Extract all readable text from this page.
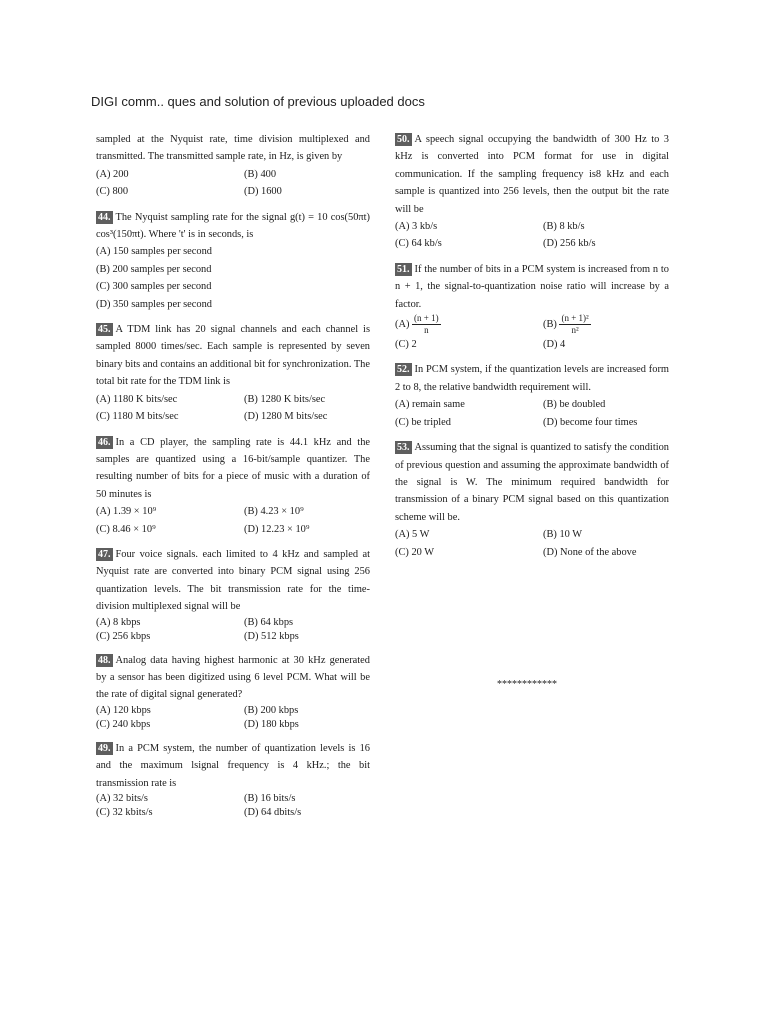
DIGI comm.. ques and solution of previous uploaded docs
sampled at the Nyquist rate, time division multiplexed and transmitted. The transmitted sample rate, in Hz, is given by
(A) 200	(B) 400
(C) 800	(D) 1600
44. The Nyquist sampling rate for the signal g(t) = 10 cos(50πt) cos³(150πt). Where 't' is in seconds, is
(A) 150 samples per second
(B) 200 samples per second
(C) 300 samples per second
(D) 350 samples per second
45. A TDM link has 20 signal channels and each channel is sampled 8000 times/sec. Each sample is represented by seven binary bits and contains an additional bit for synchronization. The total bit rate for the TDM link is
(A) 1180 K bits/sec	(B) 1280 K bits/sec
(C) 1180 M bits/sec	(D) 1280 M bits/sec
46. In a CD player, the sampling rate is 44.1 kHz and the samples are quantized using a 16-bit/sample quantizer. The resulting number of bits for a piece of music with a duration of 50 minutes is
(A) 1.39 × 10⁹	(B) 4.23 × 10⁹
(C) 8.46 × 10⁹	(D) 12.23 × 10⁹
47. Four voice signals. each limited to 4 kHz and sampled at Nyquist rate are converted into binary PCM signal using 256 quantization levels. The bit transmission rate for the time-division multiplexed signal will be
(A) 8 kbps	(B) 64 kbps
(C) 256 kbps	(D) 512 kbps
48. Analog data having highest harmonic at 30 kHz generated by a sensor has been digitized using 6 level PCM. What will be the rate of digital signal generated?
(A) 120 kbps	(B) 200 kbps
(C) 240 kbps	(D) 180 kbps
49. In a PCM system, the number of quantization levels is 16 and the maximum lsignal frequency is 4 kHz.; the bit transmission rate is
(A) 32 bits/s	(B) 16 bits/s
(C) 32 kbits/s	(D) 64 dbits/s
50. A speech signal occupying the bandwidth of 300 Hz to 3 kHz is converted into PCM format for use in digital communication. If the sampling frequency is8 kHz and each sample is quantized into 256 levels, then the output bit the rate will be
(A) 3 kb/s	(B) 8 kb/s
(C) 64 kb/s	(D) 256 kb/s
51. If the number of bits in a PCM system is increased from n to n + 1, the signal-to-quantization noise ratio will increase by a factor.
$(A) \frac{(n + 1)}{n}$	$(B) \frac{\text{(n + 1)²}}{\text{n²}}$
(C) 2	(D) 4
52. In PCM system, if the quantization levels are increased form 2 to 8, the relative bandwidth requirement will.
(A) remain same	(B) be doubled
(C) be tripled	(D) become four times
53. Assuming that the signal is quantized to satisfy the condition of previous question and assuming the approximate bandwidth of the signal is W. The minimum required bandwidth for transmission of a binary PCM signal based on this quantization scheme will be.
(A) 5 W	(B) 10 W
(C) 20 W	(D) None of the above
************
